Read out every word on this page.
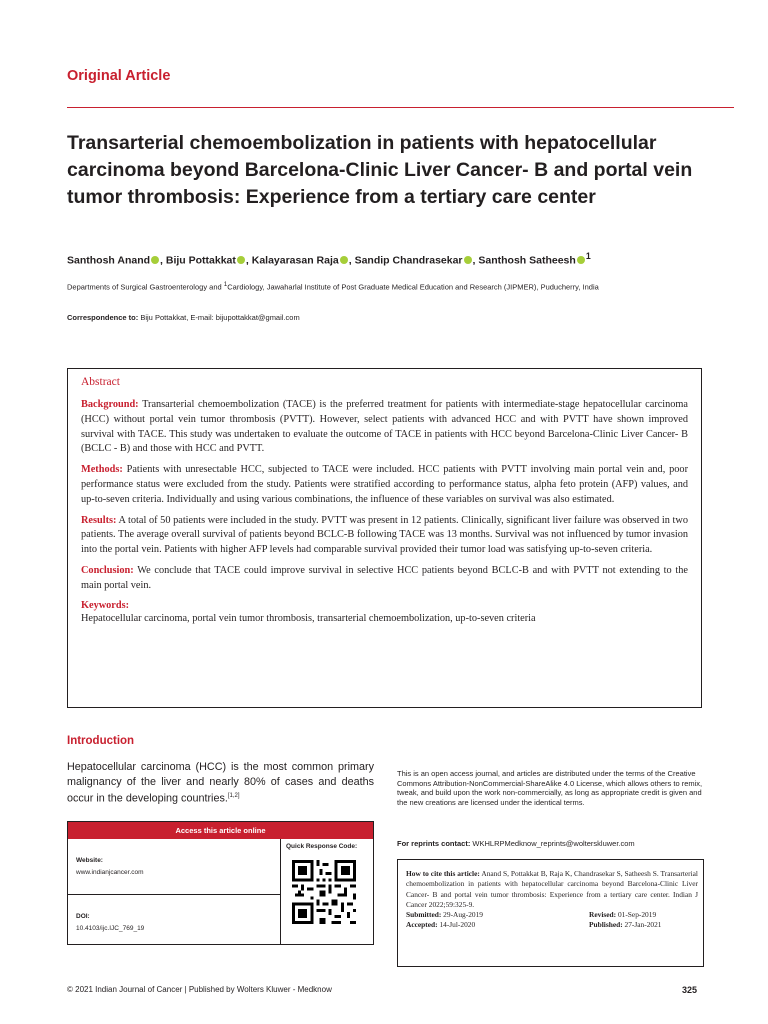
Original Article
Transarterial chemoembolization in patients with hepatocellular carcinoma beyond Barcelona-Clinic Liver Cancer- B and portal vein tumor thrombosis: Experience from a tertiary care center
Santhosh Anand , Biju Pottakkat , Kalayarasan Raja , Sandip Chandrasekar , Santhosh Satheesh $^1$
Departments of Surgical Gastroenterology and $^1$Cardiology, Jawaharlal Institute of Post Graduate Medical Education and Research (JIPMER), Puducherry, India
Correspondence to: Biju Pottakkat, E-mail: bijupottakkat@gmail.com
Abstract

Background: Transarterial chemoembolization (TACE) is the preferred treatment for patients with intermediate-stage hepatocellular carcinoma (HCC) without portal vein tumor thrombosis (PVTT). However, select patients with advanced HCC and with PVTT have shown improved survival with TACE. This study was undertaken to evaluate the outcome of TACE in patients with HCC beyond Barcelona-Clinic Liver Cancer- B (BCLC - B) and those with HCC and PVTT.

Methods: Patients with unresectable HCC, subjected to TACE were included. HCC patients with PVTT involving main portal vein and, poor performance status were excluded from the study. Patients were stratified according to performance status, alpha feto protein (AFP) values, and up-to-seven criteria. Individually and using various combinations, the influence of these variables on survival was also estimated.

Results: A total of 50 patients were included in the study. PVTT was present in 12 patients. Clinically, significant liver failure was observed in two patients. The average overall survival of patients beyond BCLC-B following TACE was 13 months. Survival was not influenced by tumor invasion into the portal vein. Patients with higher AFP levels had comparable survival provided their tumor load was satisfying up-to-seven criteria.

Conclusion: We conclude that TACE could improve survival in selective HCC patients beyond BCLC-B and with PVTT not extending to the main portal vein.

Keywords:
Hepatocellular carcinoma, portal vein tumor thrombosis, transarterial chemoembolization, up-to-seven criteria
Introduction

Hepatocellular carcinoma (HCC) is the most common primary malignancy of the liver and nearly 80% of cases and deaths occur in the developing countries.[1,2]

Access this article online
Website:
www.indianjcancer.com
DOI:
10.4103/ijc.IJC_769_19
Quick Response Code:

This is an open access journal, and articles are distributed under the terms of the Creative Commons Attribution-NonCommercial-ShareAlike 4.0 License, which allows others to remix, tweak, and build upon the work non-commercially, as long as appropriate credit is given and the new creations are licensed under the identical terms.

For reprints contact: WKHLRPMedknow_reprints@wolterskluwer.com

How to cite this article: Anand S, Pottakkat B, Raja K, Chandrasekar S, Satheesh S. Transarterial chemoembolization in patients with hepatocellular carcinoma beyond Barcelona-Clinic Liver Cancer- B and portal vein tumor thrombosis: Experience from a tertiary care center. Indian J Cancer 2022;59:325-9.

Submitted: 29-Aug-2019	Revised: 01-Sep-2019
Accepted: 14-Jul-2020	Published: 27-Jan-2021
© 2021 Indian Journal of Cancer | Published by Wolters Kluwer - Medknow	325
